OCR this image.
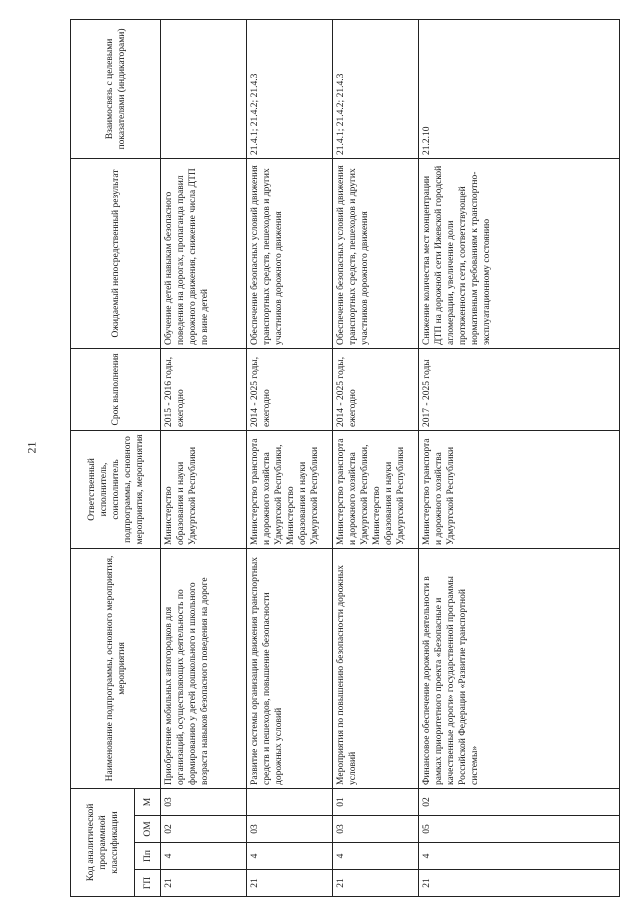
21
Код аналитической программной классификации				Наименование подпрограммы, основного мероприятия, мероприятия	Ответственный исполнитель, соисполнитель подпрограммы, основного мероприятия, мероприятия	Срок выполнения	Ожидаемый непосредственный результат	Взаимосвязь с целевыми показателями (индикаторами)
ГП	Пп	ОМ	М					
21	4	02	03	Приобретение мобильных автогородков для организаций, осуществляющих деятельность по формированию у детей дошкольного и школьного возраста навыков безопасного поведения на дороге	Министерство образования и науки Удмуртской Республики	2015 - 2016 годы, ежегодно	Обучение детей навыкам безопасного поведения на дорогах, пропаганда правил дорожного движения, снижение числа ДТП по вине детей	
21	4	03		Развитие системы организации движения транспортных средств и пешеходов, повышение безопасности дорожных условий	Министерство транспорта и дорожного хозяйства Удмуртской Республики, Министерство образования и науки Удмуртской Республики	2014 - 2025 годы, ежегодно	Обеспечение безопасных условий движения транспортных средств, пешеходов и других участников дорожного движения	21.4.1; 21.4.2; 21.4.3
21	4	03	01	Мероприятия по повышению безопасности дорожных условий	Министерство транспорта и дорожного хозяйства Удмуртской Республики, Министерство образования и науки Удмуртской Республики	2014 - 2025 годы, ежегодно	Обеспечение безопасных условий движения транспортных средств, пешеходов и других участников дорожного движения	21.4.1; 21.4.2; 21.4.3
21	4	05	02	Финансовое обеспечение дорожной деятельности в рамках приоритетного проекта «Безопасные и качественные дороги» государственной программы Российской Федерации «Развитие транспортной системы»	Министерство транспорта и дорожного хозяйства Удмуртской Республики	2017 - 2025 годы	Снижение количества мест концентрации ДТП на дорожной сети Ижевской городской агломерации, увеличение доли протяженности сети, соответствующей нормативным требованиям к транспортно-эксплуатационному состоянию	21.2.10
